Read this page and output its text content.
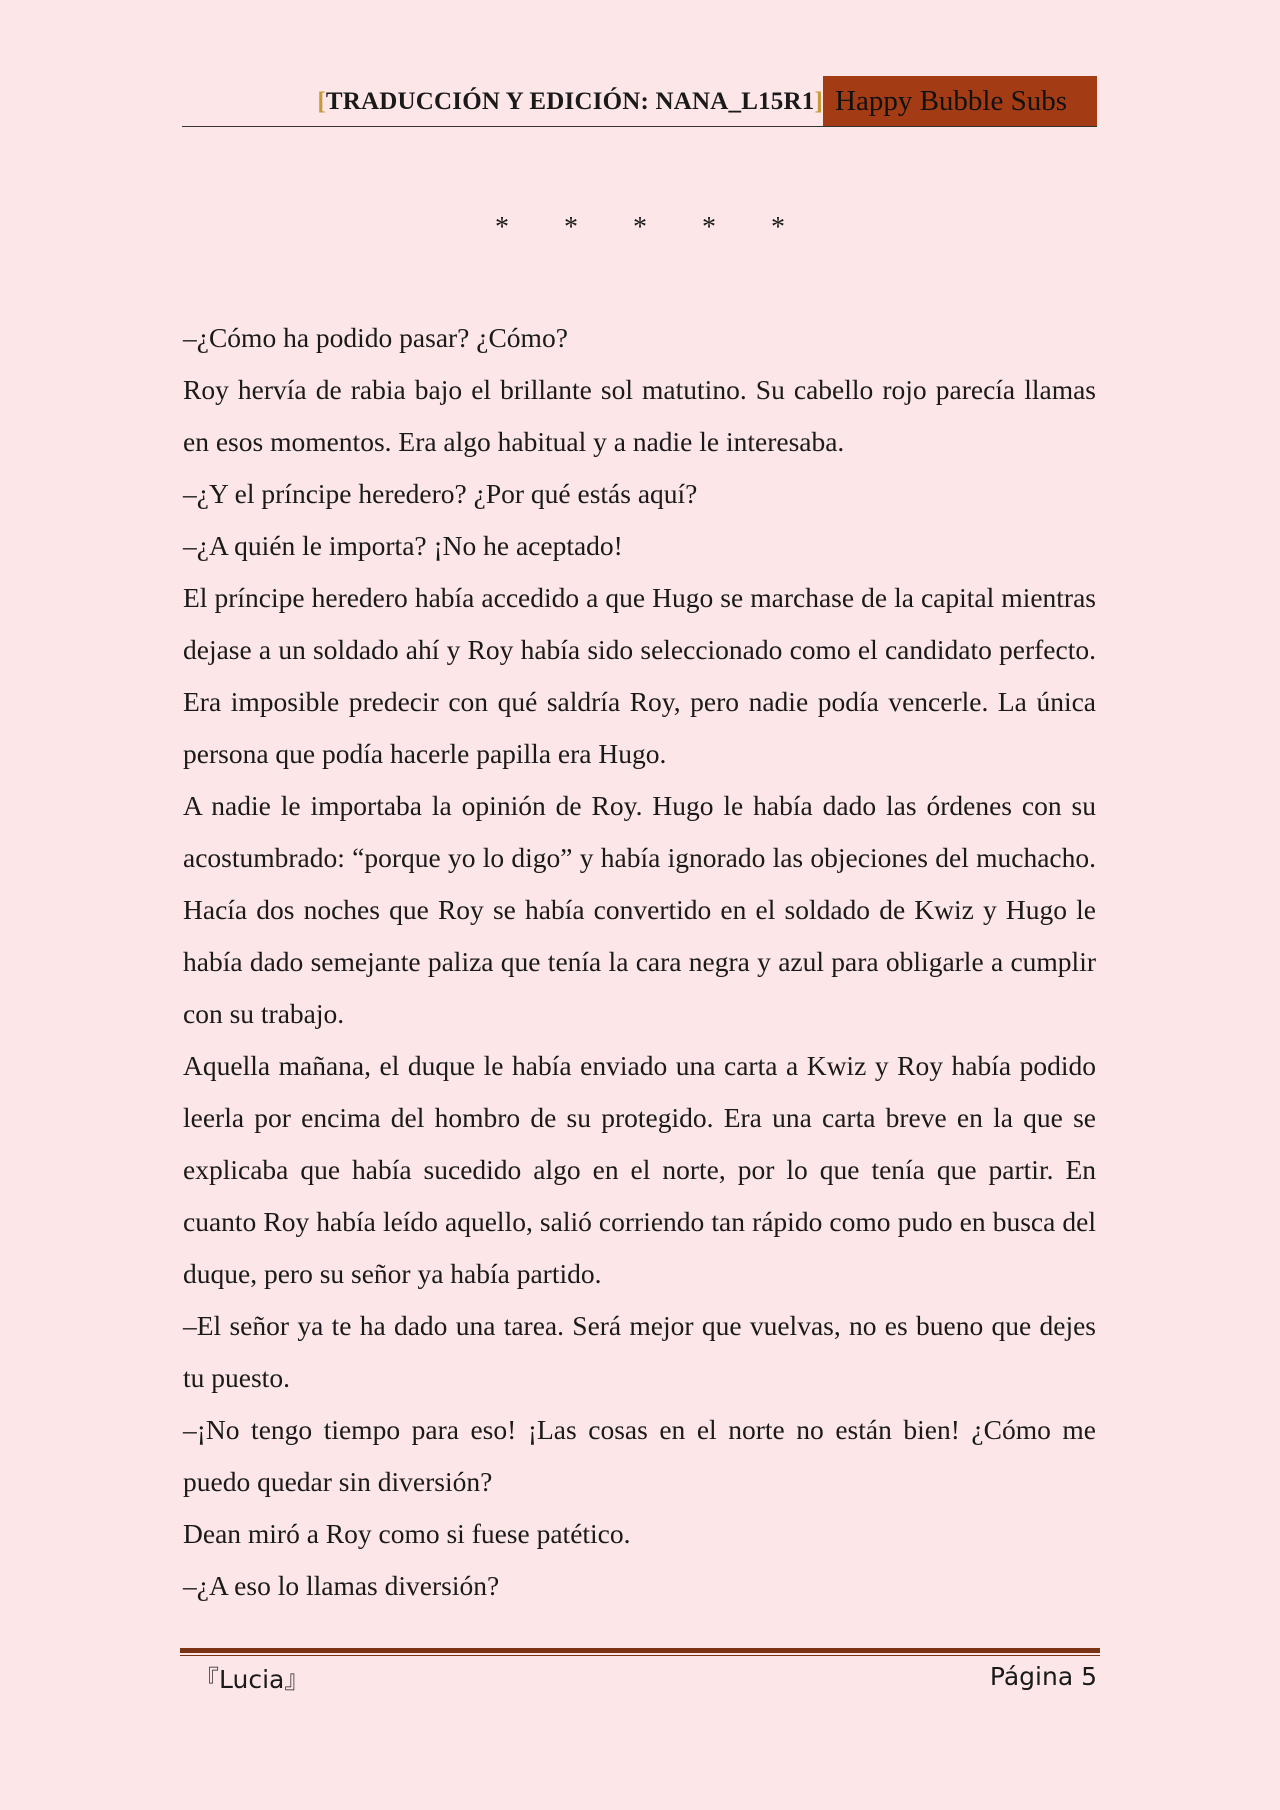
[TRADUCCIÓN Y EDICIÓN: NANA_L15R1] Happy Bubble Subs
* * * * *

–¿Cómo ha podido pasar? ¿Cómo?

Roy hervía de rabia bajo el brillante sol matutino. Su cabello rojo parecía llamas en esos momentos. Era algo habitual y a nadie le interesaba.

–¿Y el príncipe heredero? ¿Por qué estás aquí?

–¿A quién le importa? ¡No he aceptado!

El príncipe heredero había accedido a que Hugo se marchase de la capital mientras dejase a un soldado ahí y Roy había sido seleccionado como el candidato perfecto. Era imposible predecir con qué saldría Roy, pero nadie podía vencerle. La única persona que podía hacerle papilla era Hugo.

A nadie le importaba la opinión de Roy. Hugo le había dado las órdenes con su acostumbrado: “porque yo lo digo” y había ignorado las objeciones del muchacho. Hacía dos noches que Roy se había convertido en el soldado de Kwiz y Hugo le había dado semejante paliza que tenía la cara negra y azul para obligarle a cumplir con su trabajo.

Aquella mañana, el duque le había enviado una carta a Kwiz y Roy había podido leerla por encima del hombro de su protegido. Era una carta breve en la que se explicaba que había sucedido algo en el norte, por lo que tenía que partir. En cuanto Roy había leído aquello, salió corriendo tan rápido como pudo en busca del duque, pero su señor ya había partido.

–El señor ya te ha dado una tarea. Será mejor que vuelvas, no es bueno que dejes tu puesto.

–¡No tengo tiempo para eso! ¡Las cosas en el norte no están bien! ¿Cómo me puedo quedar sin diversión?

Dean miró a Roy como si fuese patético.

–¿A eso lo llamas diversión?

『Lucia』	Página 5
